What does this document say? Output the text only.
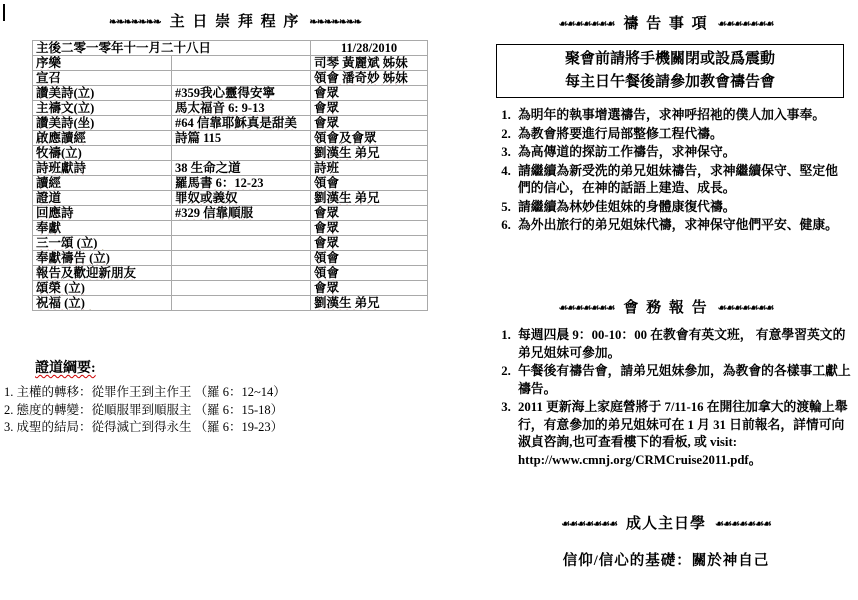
❧❧❧❧❧❧❧ 主 日 崇 拜 程 序 ❧❧❧❧❧❧❧
主後二零一零年十一月二十八日		11/28/2010
序樂		司琴 黃麗斌 姊妹
宣召		領會 潘奇妙 姊妹
讚美詩(立)	#359我心靈得安寧	會眾
主禱文(立)	馬太福音 6: 9-13	會眾
讚美詩(坐)	#64 信靠耶穌真是甜美	會眾
啟應讀經	詩篇 115	領會及會眾
牧禱(立)		劉漢生 弟兄
詩班獻詩	38 生命之道	詩班
讀經	羅馬書 6：12-23	領會
證道	罪奴或義奴	劉漢生 弟兄
回應詩	#329 信靠順服	會眾
奉獻		會眾
三一頌 (立)		會眾
奉獻禱告 (立)		領會
報告及歡迎新朋友		領會
頌榮 (立)		會眾
祝福 (立)		劉漢生 弟兄
證道綱要:
1. 主權的轉移：從罪作王到主作王 （羅 6：12~14）
2. 態度的轉變：從順服罪到順服主 （羅 6：15-18）
3. 成聖的結局：從得滅亡到得永生 （羅 6：19-23）
☙☙☙☙☙☙☙ 禱 告 事 項 ☙☙☙☙☙☙☙
聚會前請將手機關閉或設爲震動
每主日午餐後請參加教會禱告會
1. 為明年的執事增選禱告，求神呼招祂的僕人加入事奉。
2. 為教會將要進行局部整修工程代禱。
3. 為高傳道的探訪工作禱告，求神保守。
4. 請繼續為新受洗的弟兄姐妹禱告，求神繼續保守、堅定他們的信心，在神的話語上建造、成長。
5. 請繼續為林妙佳姐妹的身體康復代禱。
6. 為外出旅行的弟兄姐妹代禱，求神保守他們平安、健康。
☙☙☙☙☙☙☙ 會 務 報 告 ☙☙☙☙☙☙☙
1. 每週四晨 9：00-10：00 在教會有英文班， 有意學習英文的弟兄姐妹可參加。
2. 午餐後有禱告會，請弟兄姐妹參加，為教會的各樣事工獻上禱告。
3. 2011 更新海上家庭營將于 7/11-16 在開往加拿大的渡輪上舉行，有意參加的弟兄姐妹可在 1 月 31 日前報名，詳情可向淑貞咨詢,也可查看樓下的看板, 或 visit: http://www.cmnj.org/CRMCruise2011.pdf。
☙☙☙☙☙☙☙ 成人主日學 ☙☙☙☙☙☙☙
信仰/信心的基礎：關於神自己
